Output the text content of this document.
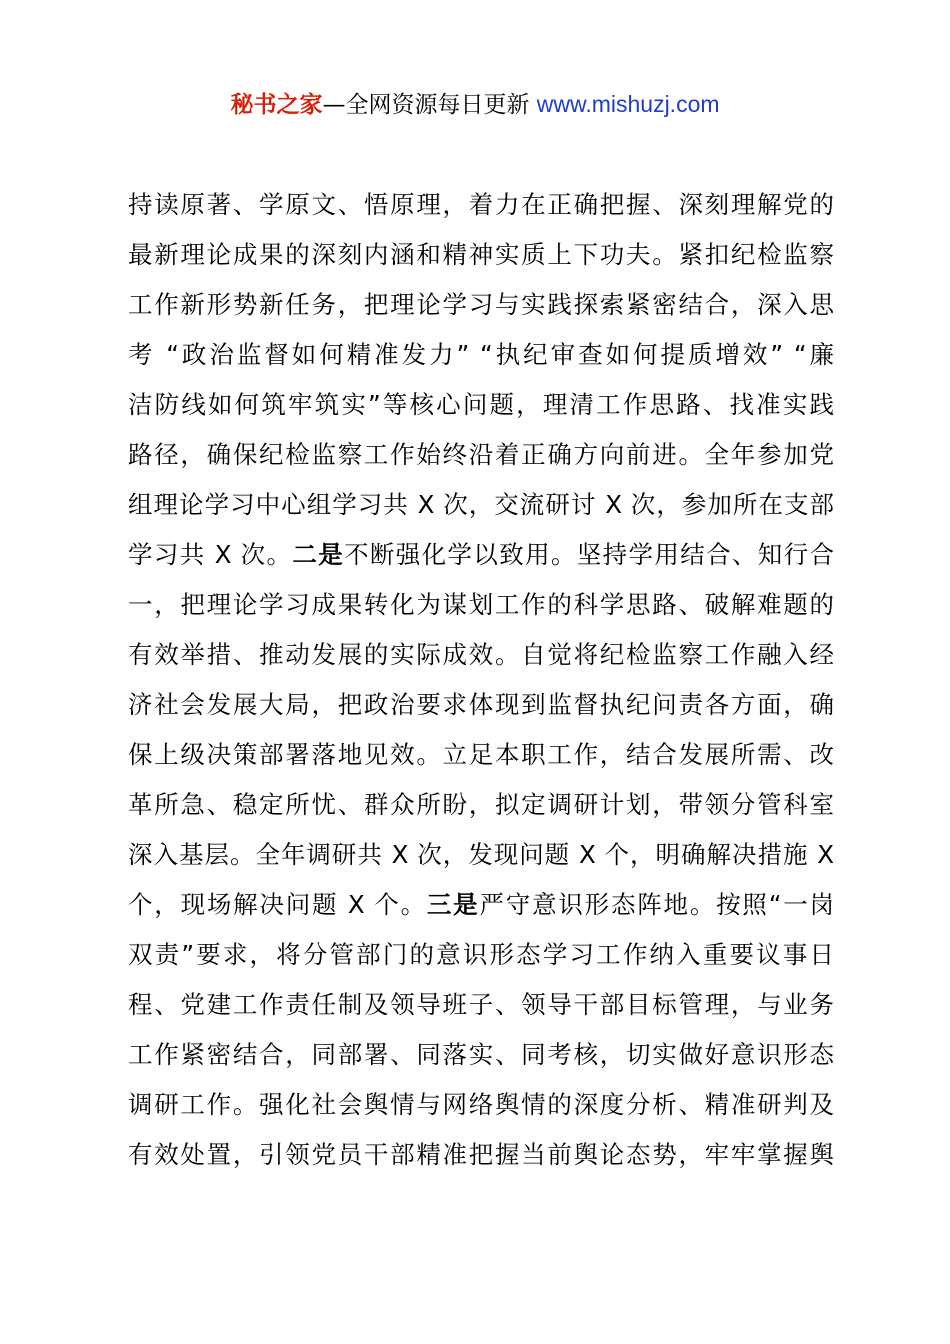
秘书之家—全网资源每日更新 www.mishuzj.com
持读原著、学原文、悟原理，着力在正确把握、深刻理解党的
最新理论成果的深刻内涵和精神实质上下功夫。紧扣纪检监察
工作新形势新任务，把理论学习与实践探索紧密结合，深入思
考 “政治监督如何精准发力” “执纪审查如何提质增效” “廉
洁防线如何筑牢筑实”等核心问题，理清工作思路、找准实践
路径，确保纪检监察工作始终沿着正确方向前进。全年参加党
组理论学习中心组学习共 X 次，交流研讨 X 次，参加所在支部
学习共 X 次。二是不断强化学以致用。坚持学用结合、知行合
一，把理论学习成果转化为谋划工作的科学思路、破解难题的
有效举措、推动发展的实际成效。自觉将纪检监察工作融入经
济社会发展大局，把政治要求体现到监督执纪问责各方面，确
保上级决策部署落地见效。立足本职工作，结合发展所需、改
革所急、稳定所忧、群众所盼，拟定调研计划，带领分管科室
深入基层。全年调研共 X 次，发现问题 X 个，明确解决措施 X
个，现场解决问题 X 个。三是严守意识形态阵地。按照“一岗
双责”要求，将分管部门的意识形态学习工作纳入重要议事日
程、党建工作责任制及领导班子、领导干部目标管理，与业务
工作紧密结合，同部署、同落实、同考核，切实做好意识形态
调研工作。强化社会舆情与网络舆情的深度分析、精准研判及
有效处置，引领党员干部精准把握当前舆论态势，牢牢掌握舆
